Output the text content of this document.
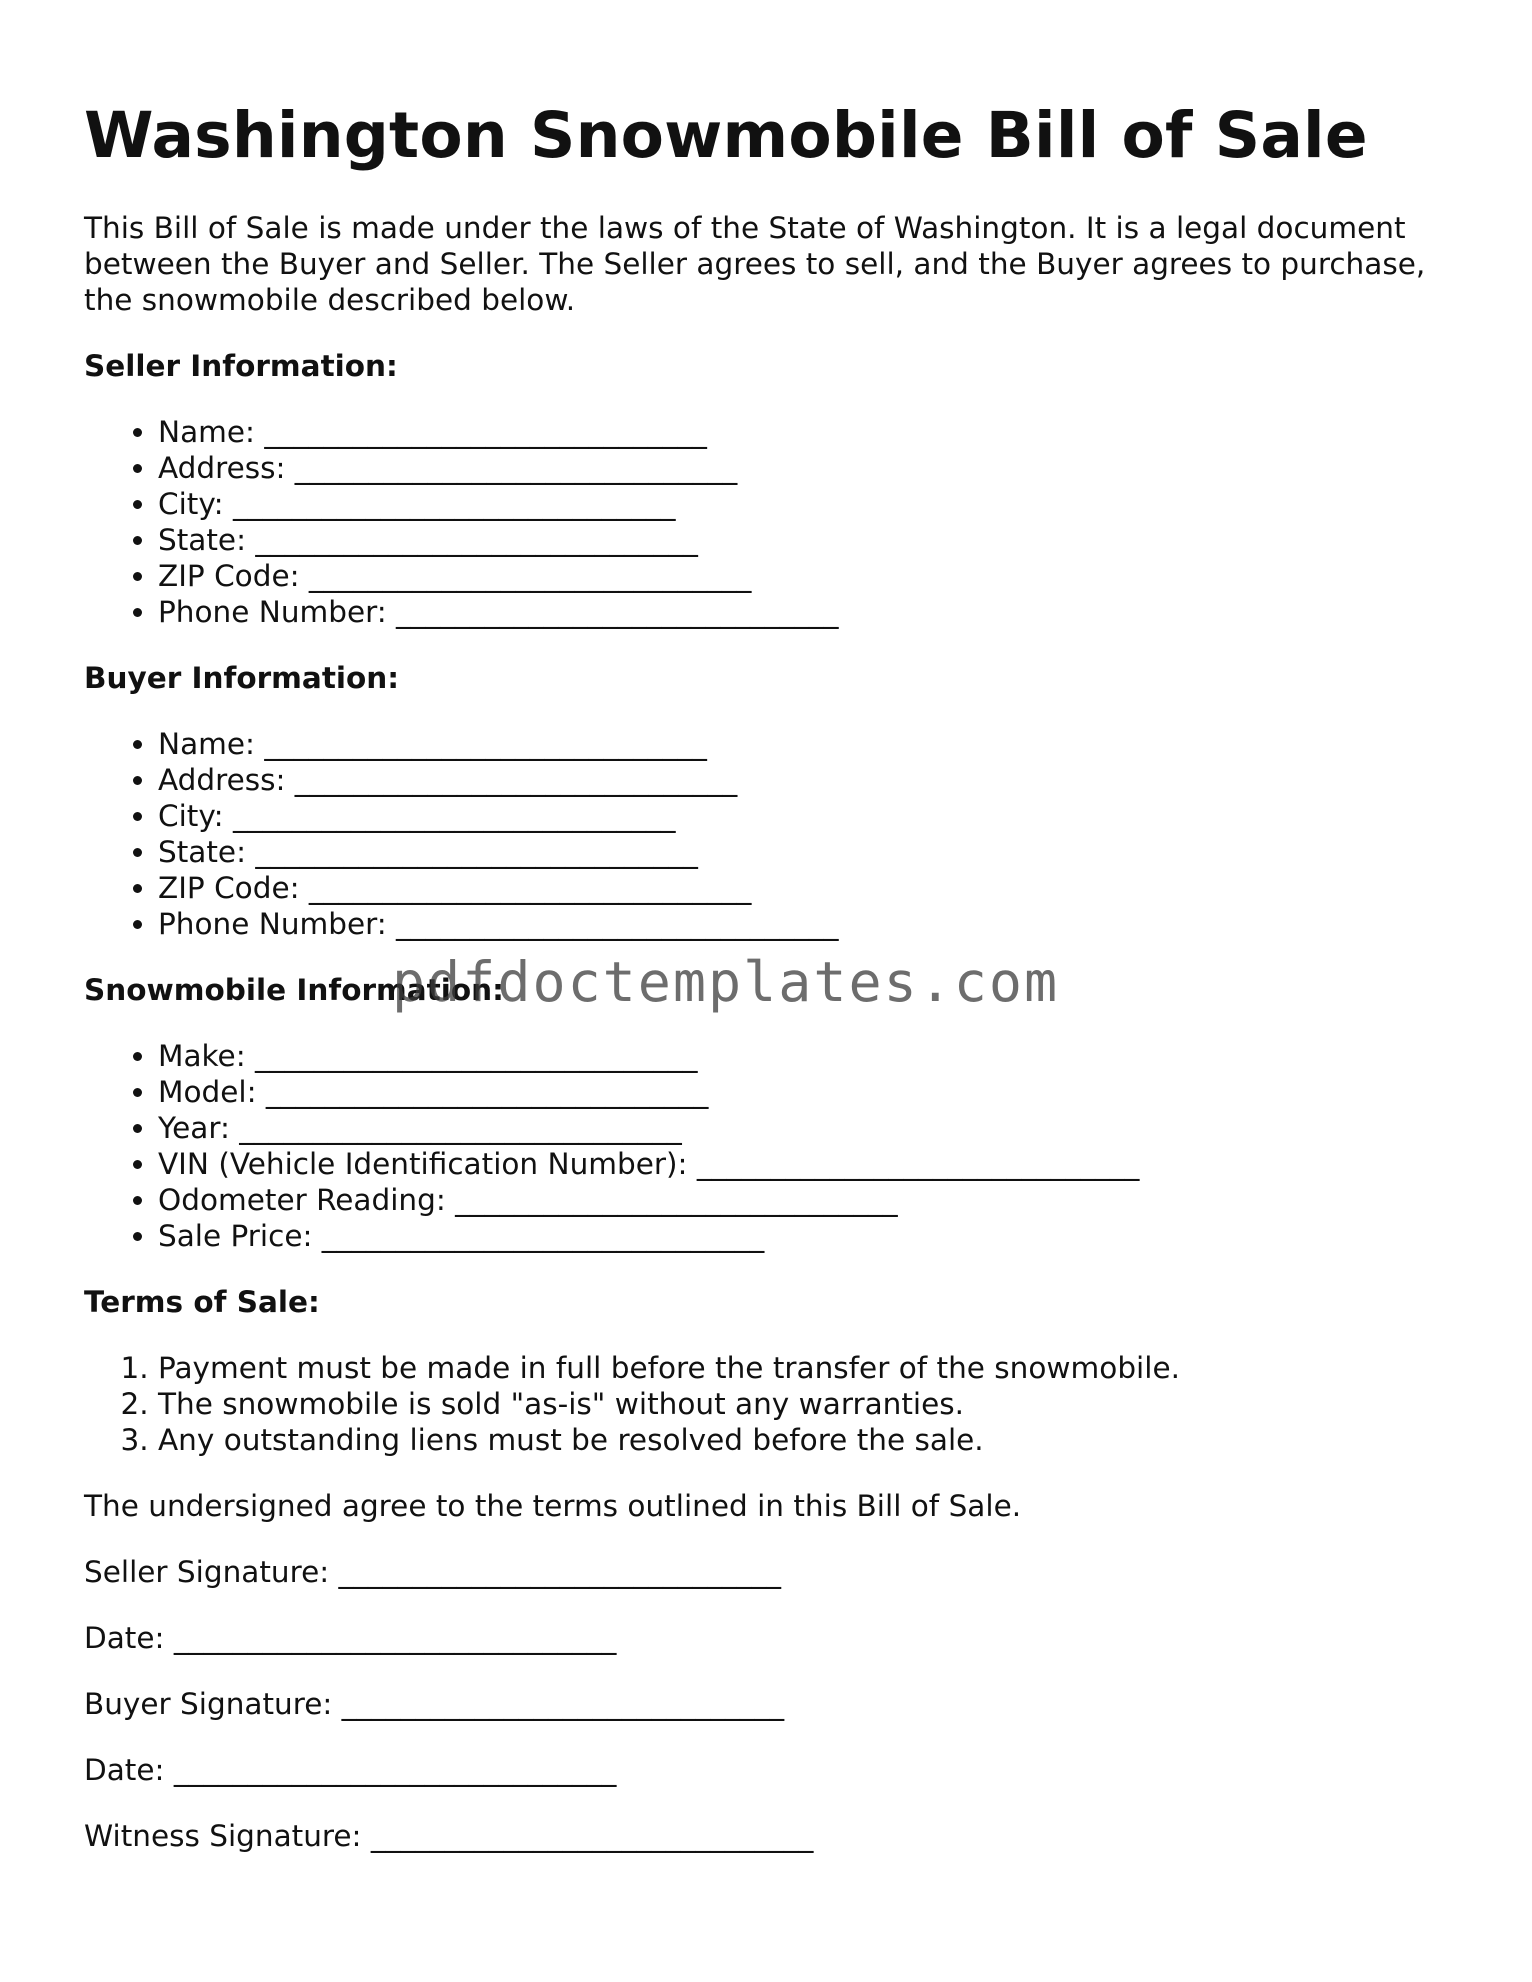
Washington Snowmobile Bill of Sale

This Bill of Sale is made under the laws of the State of Washington. It is a legal document between the Buyer and Seller. The Seller agrees to sell, and the Buyer agrees to purchase, the snowmobile described below.

Seller Information:
• Name: ______________________________
• Address: ______________________________
• City: ______________________________
• State: ______________________________
• ZIP Code: ______________________________
• Phone Number: ______________________________
Buyer Information:
• Name: ______________________________
• Address: ______________________________
• City: ______________________________
• State: ______________________________
• ZIP Code: ______________________________
• Phone Number: ______________________________
Snowmobile Information:
• Make: ______________________________
• Model: ______________________________
• Year: ______________________________
• VIN (Vehicle Identification Number): ______________________________
• Odometer Reading: ______________________________
• Sale Price: ______________________________
Terms of Sale:
1. Payment must be made in full before the transfer of the snowmobile.
2. The snowmobile is sold "as-is" without any warranties.
3. Any outstanding liens must be resolved before the sale.

The undersigned agree to the terms outlined in this Bill of Sale.

Seller Signature: ______________________________

Date: ______________________________

Buyer Signature: ______________________________

Date: ______________________________

Witness Signature: ______________________________

pdfdoctemplates.com
